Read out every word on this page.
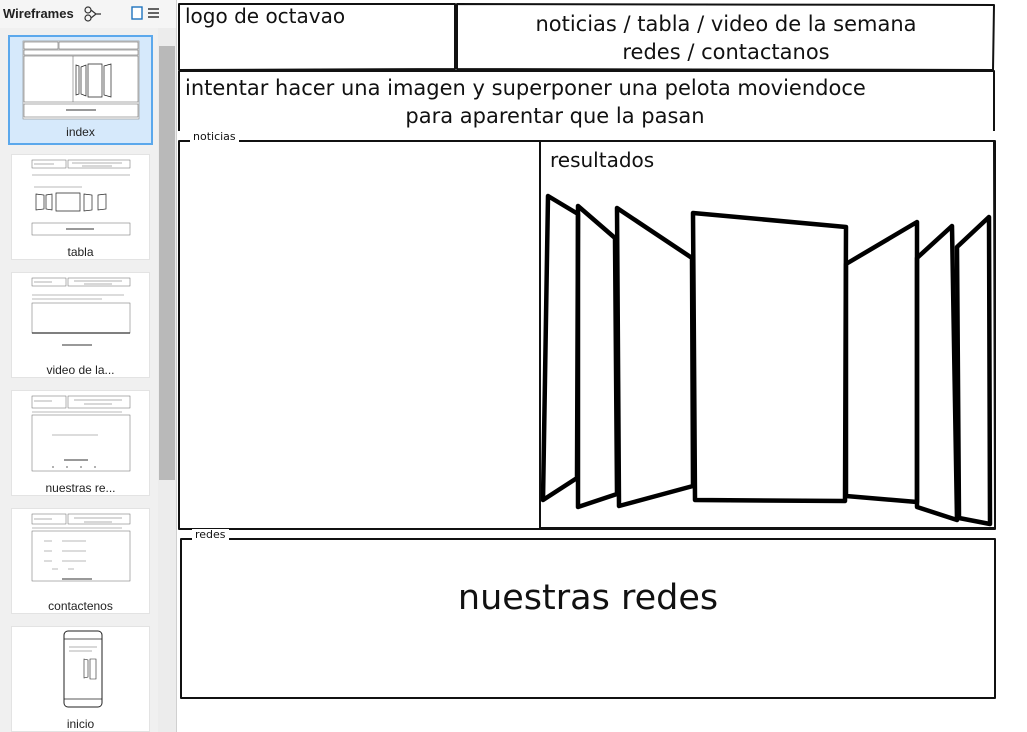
Wireframes
index
tabla
video de la...
nuestras re...
contactenos
inicio
logo de octavao	noticias / tabla / video de la semana
redes / contactanos
intentar hacer una imagen y superponer una pelota moviendoce
para aparentar que la pasan
noticias
redes
resultados
nuestras redes
